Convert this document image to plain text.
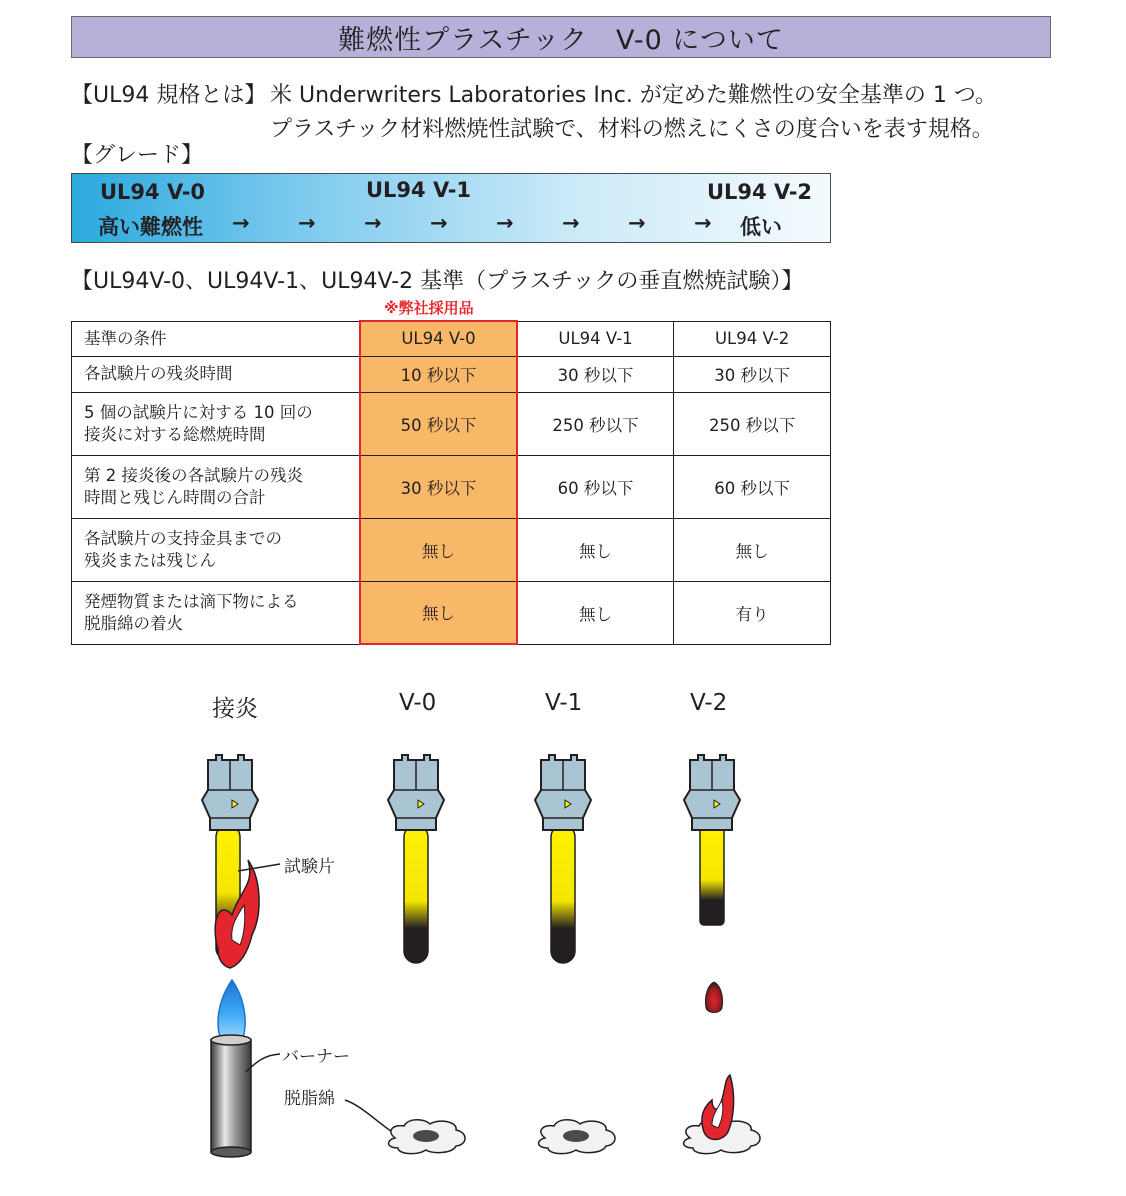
難燃性プラスチック　V-0 について
【UL94 規格とは】 米 Underwriters Laboratories Inc. が定めた難燃性の安全基準の 1 つ。
プラスチック材料燃焼性試験で、材料の燃えにくさの度合いを表す規格。
【グレード】
UL94 V-0	UL94 V-1	UL94 V-2
高い難燃性 → → → → → → → → 低い
【UL94V-0、UL94V-1、UL94V-2 基準（プラスチックの垂直燃焼試験）】
※弊社採用品
基準の条件	UL94 V-0	UL94 V-1	UL94 V-2
各試験片の残炎時間	10 秒以下	30 秒以下	30 秒以下
5 個の試験片に対する 10 回の
接炎に対する総燃焼時間	50 秒以下	250 秒以下	250 秒以下
第 2 接炎後の各試験片の残炎
時間と残じん時間の合計	30 秒以下	60 秒以下	60 秒以下
各試験片の支持金具までの
残炎または残じん	無し	無し	無し
発煙物質または滴下物による
脱脂綿の着火	無し	無し	有り
接炎	V-0	V-1	V-2
試験片
バーナー
脱脂綿
